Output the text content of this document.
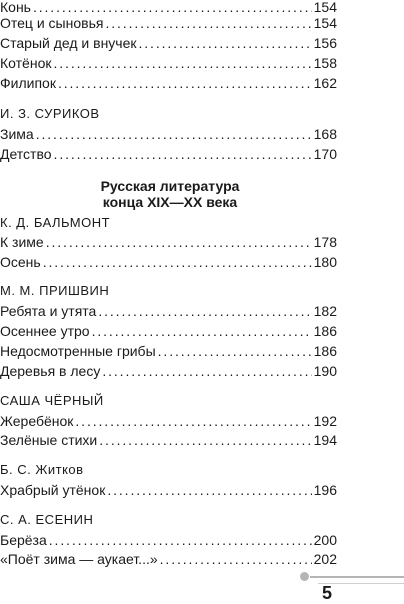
Конь . . .	154
Отец и сыновья . . .	154
Старый дед и внучек . . .	156
Котёнок . . .	158
Филипок . . .	162
И. З. СУРИКОВ
Зима . . .	168
Детство . . .	170
Русская литература
конца XIX—XX века
К. Д. БАЛЬМОНТ
К зиме . . .	178
Осень . . .	180
М. М. ПРИШВИН
Ребята и утята . . .	182
Осеннее утро . . .	186
Недосмотренные грибы . . .	186
Деревья в лесу . . .	190
САША ЧЁРНЫЙ
Жеребёнок . . .	192
Зелёные стихи . . .	194
Б. С. Житков
Храбрый утёнок . . .	196
С. А. ЕСЕНИН
Берёза . . .	200
«Поёт зима — аукает...» . . .	202
5
